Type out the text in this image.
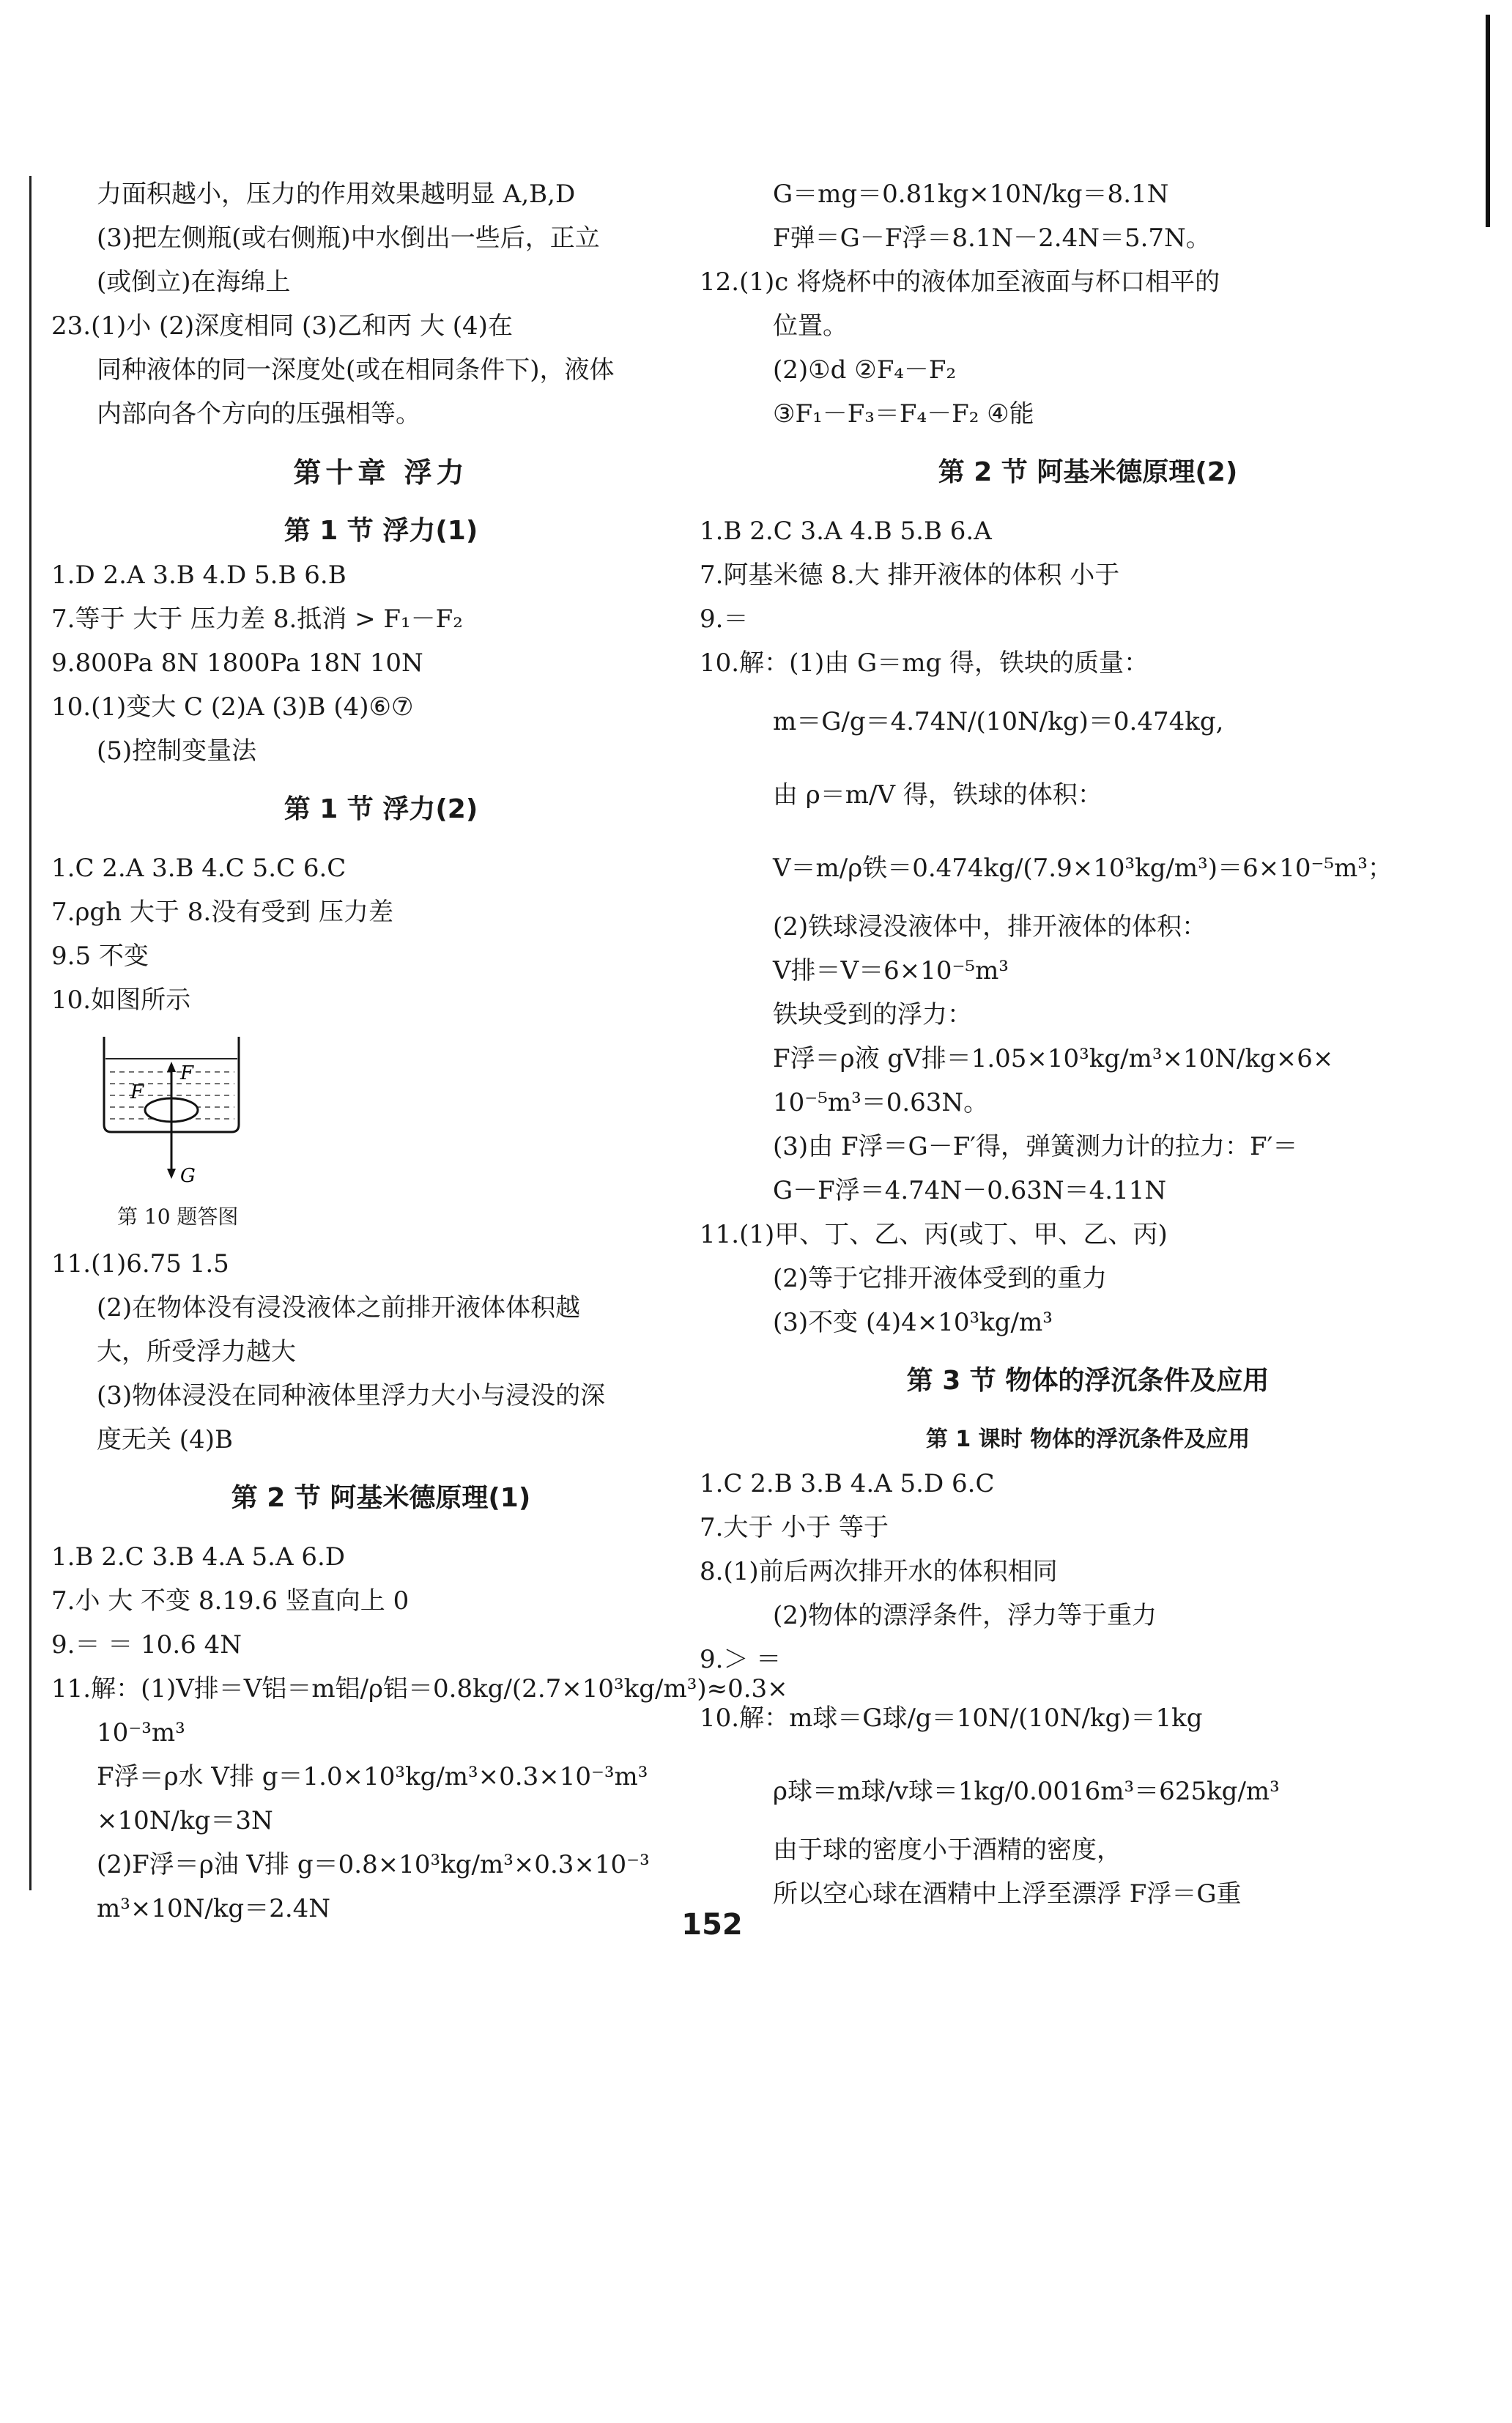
力面积越小，压力的作用效果越明显 A,B,D
(3)把左侧瓶(或右侧瓶)中水倒出一些后，正立
(或倒立)在海绵上
23.(1)小 (2)深度相同 (3)乙和丙 大 (4)在
同种液体的同一深度处(或在相同条件下)，液体
内部向各个方向的压强相等。
第十章 浮力
第 1 节 浮力(1)
1.D 2.A 3.B 4.D 5.B 6.B
7.等于 大于 压力差 8.抵消 > F₁－F₂
9.800Pa 8N 1800Pa 18N 10N
10.(1)变大 C (2)A (3)B (4)⑥⑦
(5)控制变量法
第 1 节 浮力(2)
1.C 2.A 3.B 4.C 5.C 6.C
7.ρgh 大于 8.没有受到 压力差
9.5 不变
10.如图所示
F
F
G
第 10 题答图
11.(1)6.75 1.5
(2)在物体没有浸没液体之前排开液体体积越
大，所受浮力越大
(3)物体浸没在同种液体里浮力大小与浸没的深
度无关 (4)B
第 2 节 阿基米德原理(1)
1.B 2.C 3.B 4.A 5.A 6.D
7.小 大 不变 8.19.6 竖直向上 0
9.＝ ＝ 10.6 4N
11.解：(1)V排＝V铝＝m铝/ρ铝＝0.8kg/(2.7×10³kg/m³)≈0.3×
10⁻³m³
F浮＝ρ水 V排 g＝1.0×10³kg/m³×0.3×10⁻³m³
×10N/kg＝3N
(2)F浮＝ρ油 V排 g＝0.8×10³kg/m³×0.3×10⁻³
m³×10N/kg＝2.4N
G＝mg＝0.81kg×10N/kg＝8.1N
F弹＝G－F浮＝8.1N－2.4N＝5.7N。
12.(1)c 将烧杯中的液体加至液面与杯口相平的
位置。
(2)①d ②F₄－F₂
③F₁－F₃＝F₄－F₂ ④能
第 2 节 阿基米德原理(2)
1.B 2.C 3.A 4.B 5.B 6.A
7.阿基米德 8.大 排开液体的体积 小于
9.＝
10.解：(1)由 G＝mg 得，铁块的质量：
m＝G/g＝4.74N/(10N/kg)＝0.474kg,
由 ρ＝m/V 得，铁球的体积：
V＝m/ρ铁＝0.474kg/(7.9×10³kg/m³)＝6×10⁻⁵m³；
(2)铁球浸没液体中，排开液体的体积：
V排＝V＝6×10⁻⁵m³
铁块受到的浮力：
F浮＝ρ液 gV排＝1.05×10³kg/m³×10N/kg×6×
10⁻⁵m³＝0.63N。
(3)由 F浮＝G－F′得，弹簧测力计的拉力：F′＝
G－F浮＝4.74N－0.63N＝4.11N
11.(1)甲、丁、乙、丙(或丁、甲、乙、丙)
(2)等于它排开液体受到的重力
(3)不变 (4)4×10³kg/m³
第 3 节 物体的浮沉条件及应用
第 1 课时 物体的浮沉条件及应用
1.C 2.B 3.B 4.A 5.D 6.C
7.大于 小于 等于
8.(1)前后两次排开水的体积相同
(2)物体的漂浮条件，浮力等于重力
9.＞ ＝
10.解：m球＝G球/g＝10N/(10N/kg)＝1kg
ρ球＝m球/v球＝1kg/0.0016m³＝625kg/m³
由于球的密度小于酒精的密度，
所以空心球在酒精中上浮至漂浮 F浮＝G重
152
